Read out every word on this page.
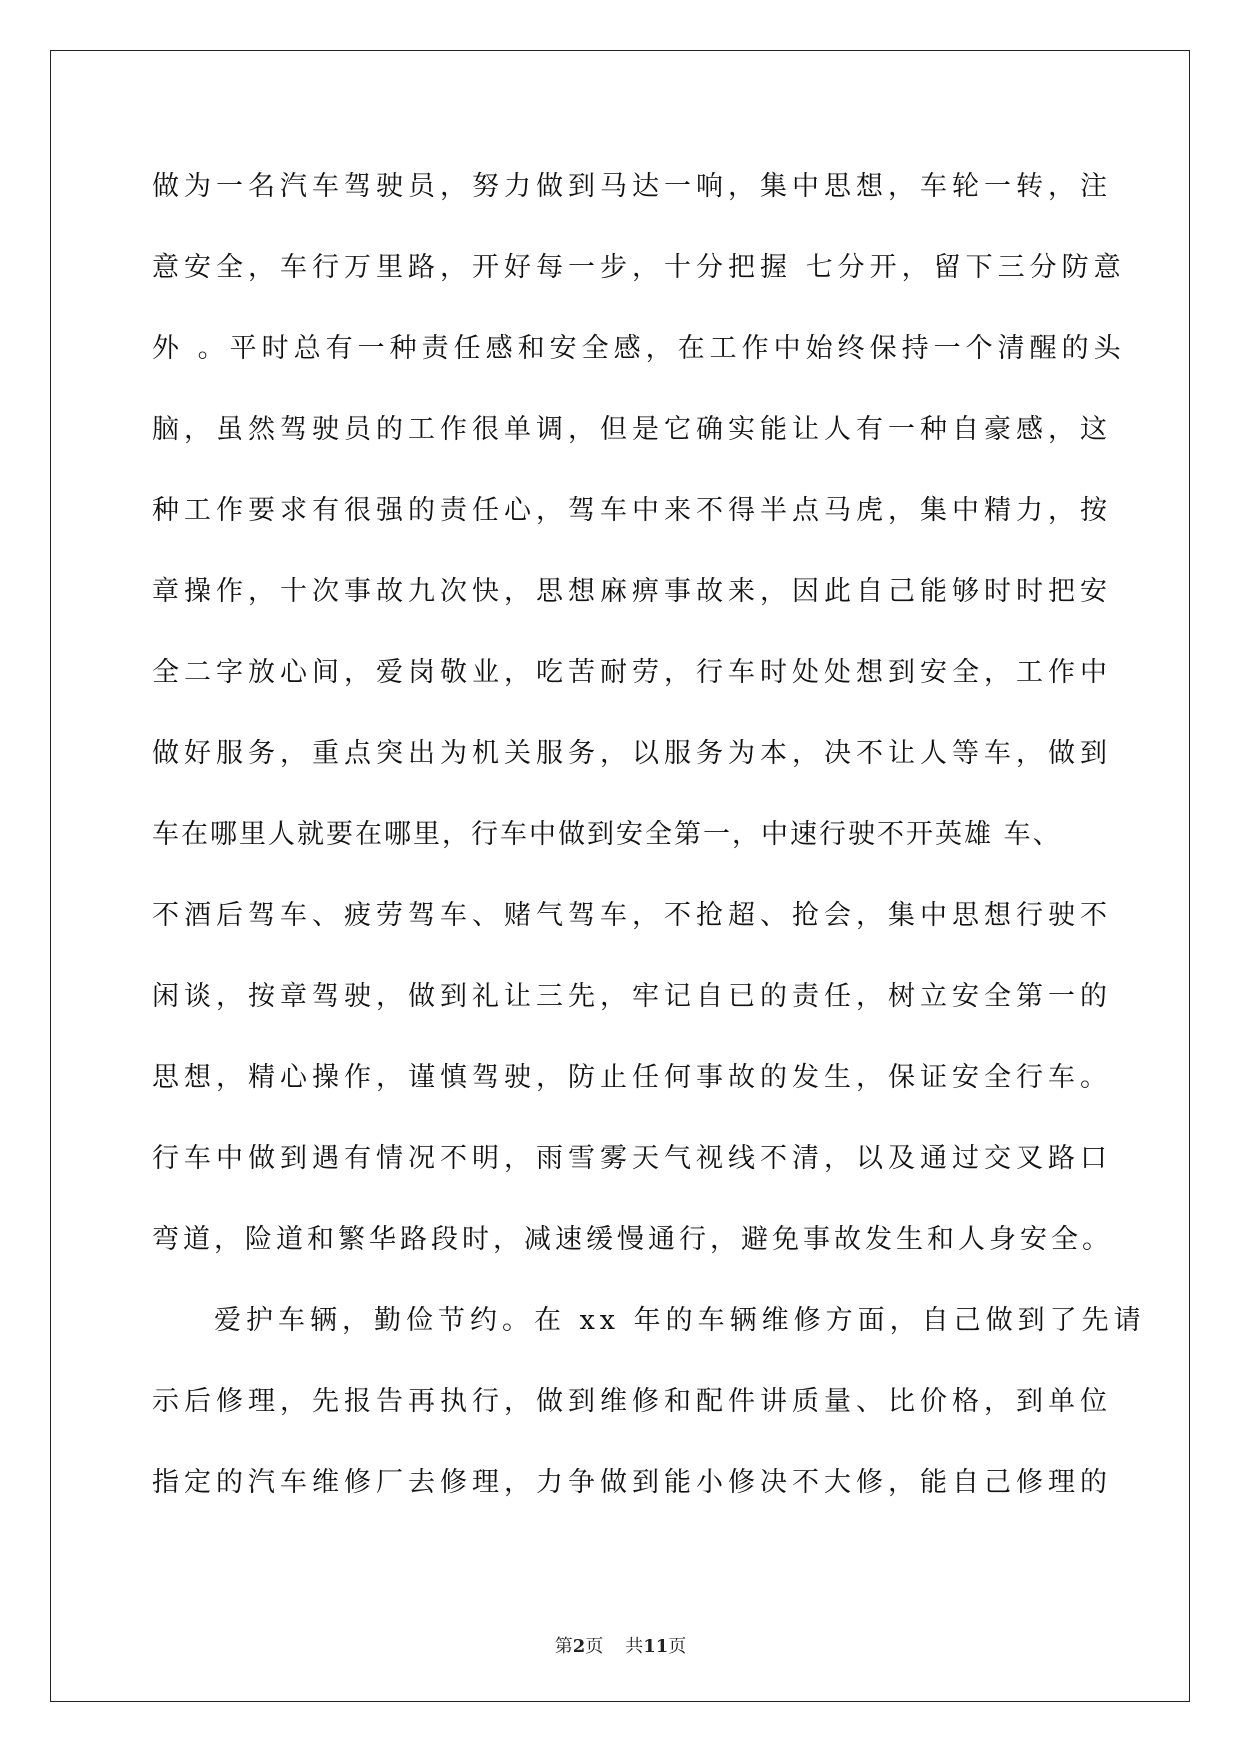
做为一名汽车驾驶员，努力做到马达一响，集中思想，车轮一转，注
意安全，车行万里路，开好每一步，十分把握 七分开，留下三分防意
外 。平时总有一种责任感和安全感，在工作中始终保持一个清醒的头
脑，虽然驾驶员的工作很单调，但是它确实能让人有一种自豪感，这
种工作要求有很强的责任心，驾车中来不得半点马虎，集中精力，按
章操作，十次事故九次快，思想麻痹事故来，因此自己能够时时把安
全二字放心间，爱岗敬业，吃苦耐劳，行车时处处想到安全，工作中
做好服务，重点突出为机关服务，以服务为本，决不让人等车，做到
车在哪里人就要在哪里，行车中做到安全第一，中速行驶不开英雄 车、
不酒后驾车、疲劳驾车、赌气驾车，不抢超、抢会，集中思想行驶不
闲谈，按章驾驶，做到礼让三先，牢记自已的责任，树立安全第一的
思想，精心操作，谨慎驾驶，防止任何事故的发生，保证安全行车。
行车中做到遇有情况不明，雨雪雾天气视线不清，以及通过交叉路口
弯道，险道和繁华路段时，减速缓慢通行，避免事故发生和人身安全。
爱护车辆，勤俭节约。在 xx 年的车辆维修方面，自己做到了先请
示后修理，先报告再执行，做到维修和配件讲质量、比价格，到单位
指定的汽车维修厂去修理，力争做到能小修决不大修，能自己修理的
第2页 共11页
